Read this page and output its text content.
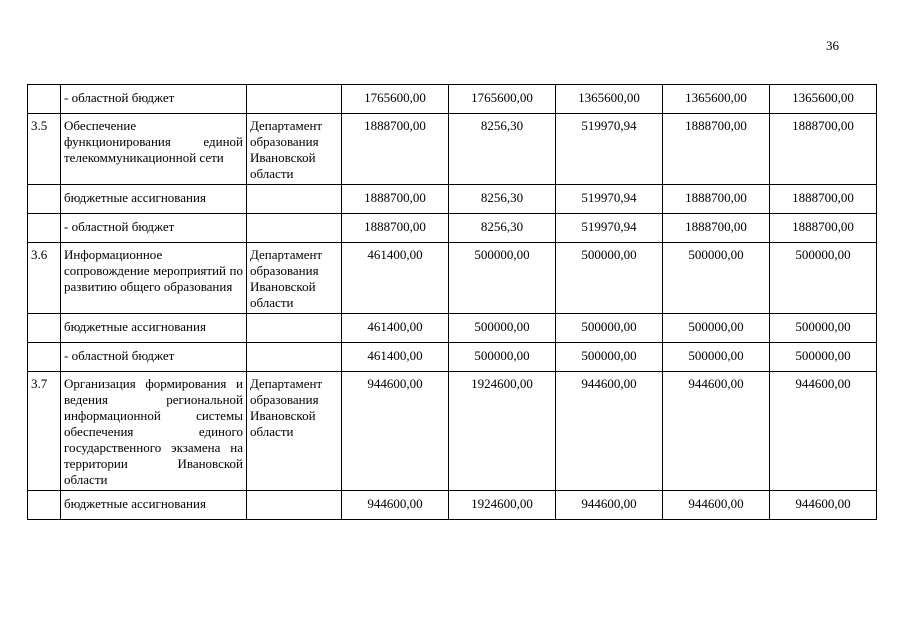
36
	- областной бюджет		1765600,00	1765600,00	1365600,00	1365600,00	1365600,00
3.5	Обеспечение функционирования единой телекоммуникационной сети	Департамент образования Ивановской области	1888700,00	8256,30	519970,94	1888700,00	1888700,00
	бюджетные ассигнования		1888700,00	8256,30	519970,94	1888700,00	1888700,00
	- областной бюджет		1888700,00	8256,30	519970,94	1888700,00	1888700,00
3.6	Информационное сопровождение мероприятий по развитию общего образования	Департамент образования Ивановской области	461400,00	500000,00	500000,00	500000,00	500000,00
	бюджетные ассигнования		461400,00	500000,00	500000,00	500000,00	500000,00
	- областной бюджет		461400,00	500000,00	500000,00	500000,00	500000,00
3.7	Организация формирования и ведения региональной информационной системы обеспечения единого государственного экзамена на территории Ивановской области	Департамент образования Ивановской области	944600,00	1924600,00	944600,00	944600,00	944600,00
	бюджетные ассигнования		944600,00	1924600,00	944600,00	944600,00	944600,00
